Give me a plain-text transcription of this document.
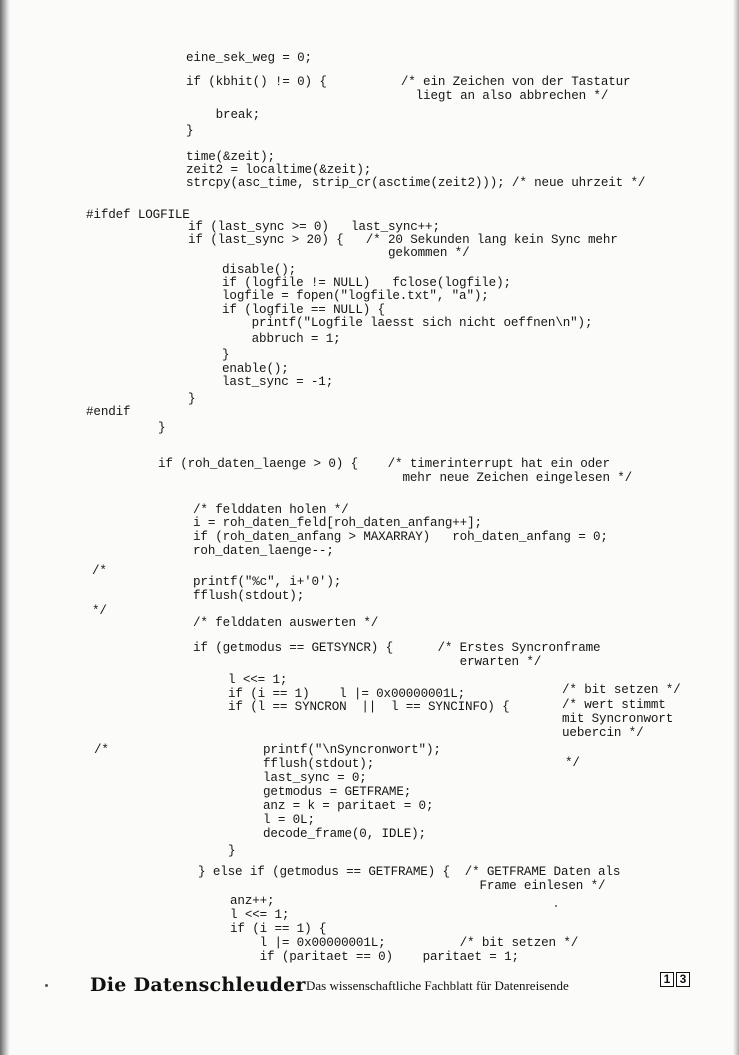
eine_sek_weg = 0;
if (kbhit() != 0) {          /* ein Zeichen von der Tastatur
liegt an also abbrechen */
break;
}
time(&zeit);
zeit2 = localtime(&zeit);
strcpy(asc_time, strip_cr(asctime(zeit2))); /* neue uhrzeit */
#ifdef LOGFILE
if (last_sync >= 0)   last_sync++;
if (last_sync > 20) {   /* 20 Sekunden lang kein Sync mehr
gekommen */
disable();
if (logfile != NULL)   fclose(logfile);
logfile = fopen("logfile.txt", "a");
if (logfile == NULL) {
printf("Logfile laesst sich nicht oeffnen\n");
abbruch = 1;
}
enable();
last_sync = -1;
}
#endif
}
if (roh_daten_laenge > 0) {    /* timerinterrupt hat ein oder
mehr neue Zeichen eingelesen */
/* felddaten holen */
i = roh_daten_feld[roh_daten_anfang++];
if (roh_daten_anfang > MAXARRAY)   roh_daten_anfang = 0;
roh_daten_laenge--;
/*
printf("%c", i+'0');
fflush(stdout);
*/
/* felddaten auswerten */
if (getmodus == GETSYNCR) {      /* Erstes Syncronframe
erwarten */
l <<= 1;
if (i == 1)    l |= 0x00000001L;
if (l == SYNCRON  ||  l == SYNCINFO) {
/* bit setzen */
/* wert stimmt
mit Syncronwort
uebercin */
/*	printf("\nSyncronwort");
fflush(stdout);	*/
last_sync = 0;
getmodus = GETFRAME;
anz = k = paritaet = 0;
l = 0L;
decode_frame(0, IDLE);
}
} else if (getmodus == GETFRAME) {  /* GETFRAME Daten als
Frame einlesen */
anz++;
l <<= 1;
if (i == 1) {
l |= 0x00000001L;          /* bit setzen */
if (paritaet == 0)    paritaet = 1;
Die Datenschleuder Das wissenschaftliche Fachblatt für Datenreisende	1 3
